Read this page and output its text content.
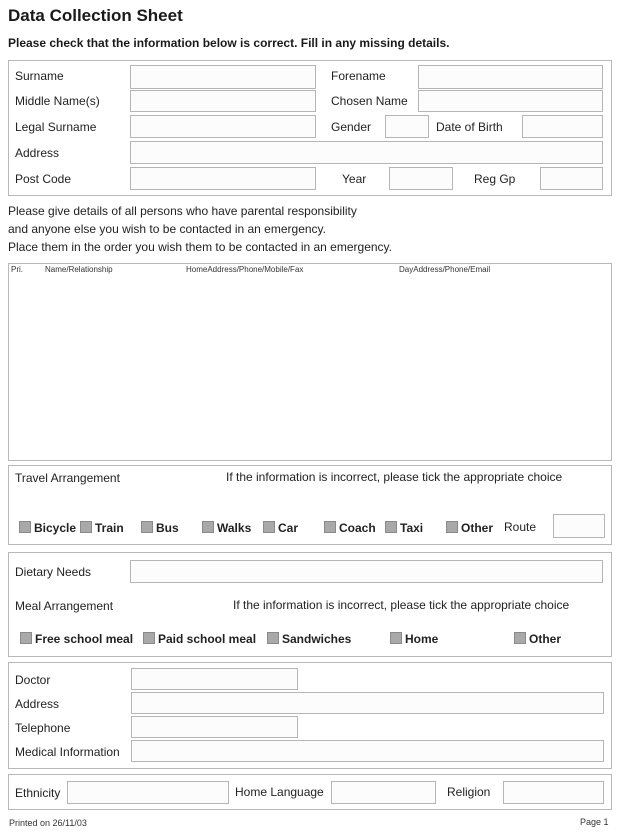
Data Collection Sheet
Please check that the information below is correct. Fill in any missing details.
Surname	Forename
Middle Name(s)	Chosen Name
Legal Surname	Gender	Date of Birth
Address
Post Code	Year	Reg Gp
Please give details of all persons who have parental responsibility
and anyone else you wish to be contacted in an emergency.
Place them in the order you wish them to be contacted in an emergency.
Pri.	Name/Relationship	HomeAddress/Phone/Mobile/Fax	DayAddress/Phone/Email
Travel Arrangement	If the information is incorrect, please tick the appropriate choice
Bicycle	Train	Bus	Walks	Car	Coach	Taxi	Other Route
Dietary Needs
Meal Arrangement	If the information is incorrect, please tick the appropriate choice
Free school meal	Paid school meal	Sandwiches	Home	Other
Doctor
Address
Telephone
Medical Information
Ethnicity	Home Language	Religion
Printed on 26/11/03	Page 1
